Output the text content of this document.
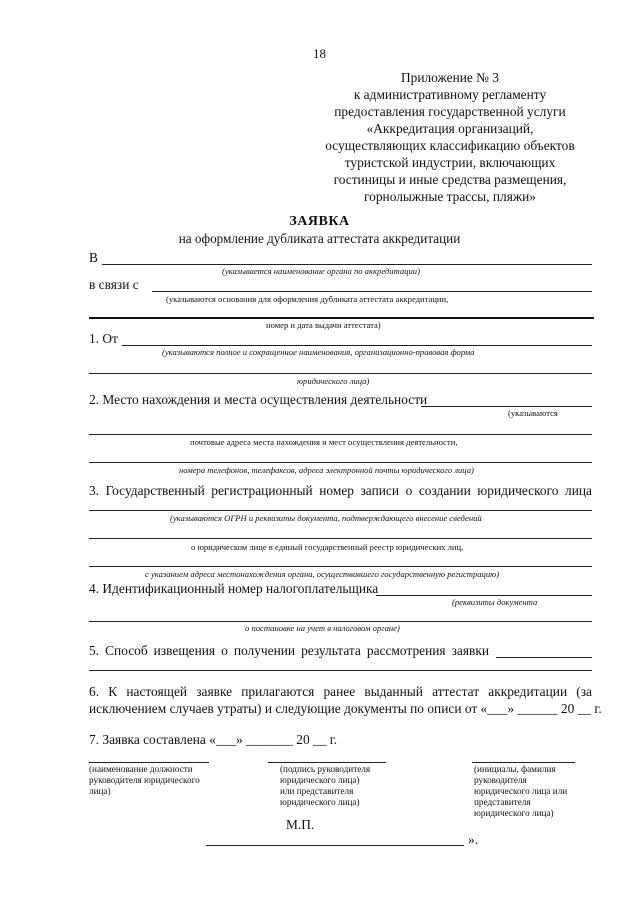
18
Приложение № 3
к административному регламенту
предоставления государственной услуги
«Аккредитация организаций,
осуществляющих классификацию объектов
туристской индустрии, включающих
гостиницы и иные средства размещения,
горнолыжные трассы, пляжи»
ЗАЯВКА
на оформление дубликата аттестата аккредитации
В
(указывается наименование органа по аккредитации)
в связи с
(указываются основания для оформления дубликата аттестата аккредитации,
номер и дата выдачи аттестата)
1. От
(указываются полное и сокращенное наименования, организационно-правовая форма
юридического лица)
2. Место нахождения и места осуществления деятельности
(указываются
почтовые адреса места нахождения и мест осуществления деятельности,
номера телефонов, телефаксов, адреса электронной почты юридического лица)
3. Государственный регистрационный номер записи о создании юридического лица
(указываются ОГРН и реквизиты документа, подтверждающего внесение сведений
о юридическом лице в единый государственный реестр юридических лиц,
с указанием адреса местонахождения органа, осуществившего государственную регистрацию)
4. Идентификационный номер налогоплательщика
(реквизиты документа
о постановке на учет в налоговом органе)
5. Способ извещения о получении результата рассмотрения заявки
6. К настоящей заявке прилагаются ранее выданный аттестат аккредитации (за
исключением случаев утраты) и следующие документы по описи от «___» ______ 20 __ г.
7. Заявка составлена «___» _______ 20 __ г.
(наименование должности
руководителя юридического
лица)
(подпись руководителя
юридического лица)
или представителя
юридического лица)
(инициалы, фамилия
руководителя
юридического лица или
представителя
юридического лица)
М.П.
».
